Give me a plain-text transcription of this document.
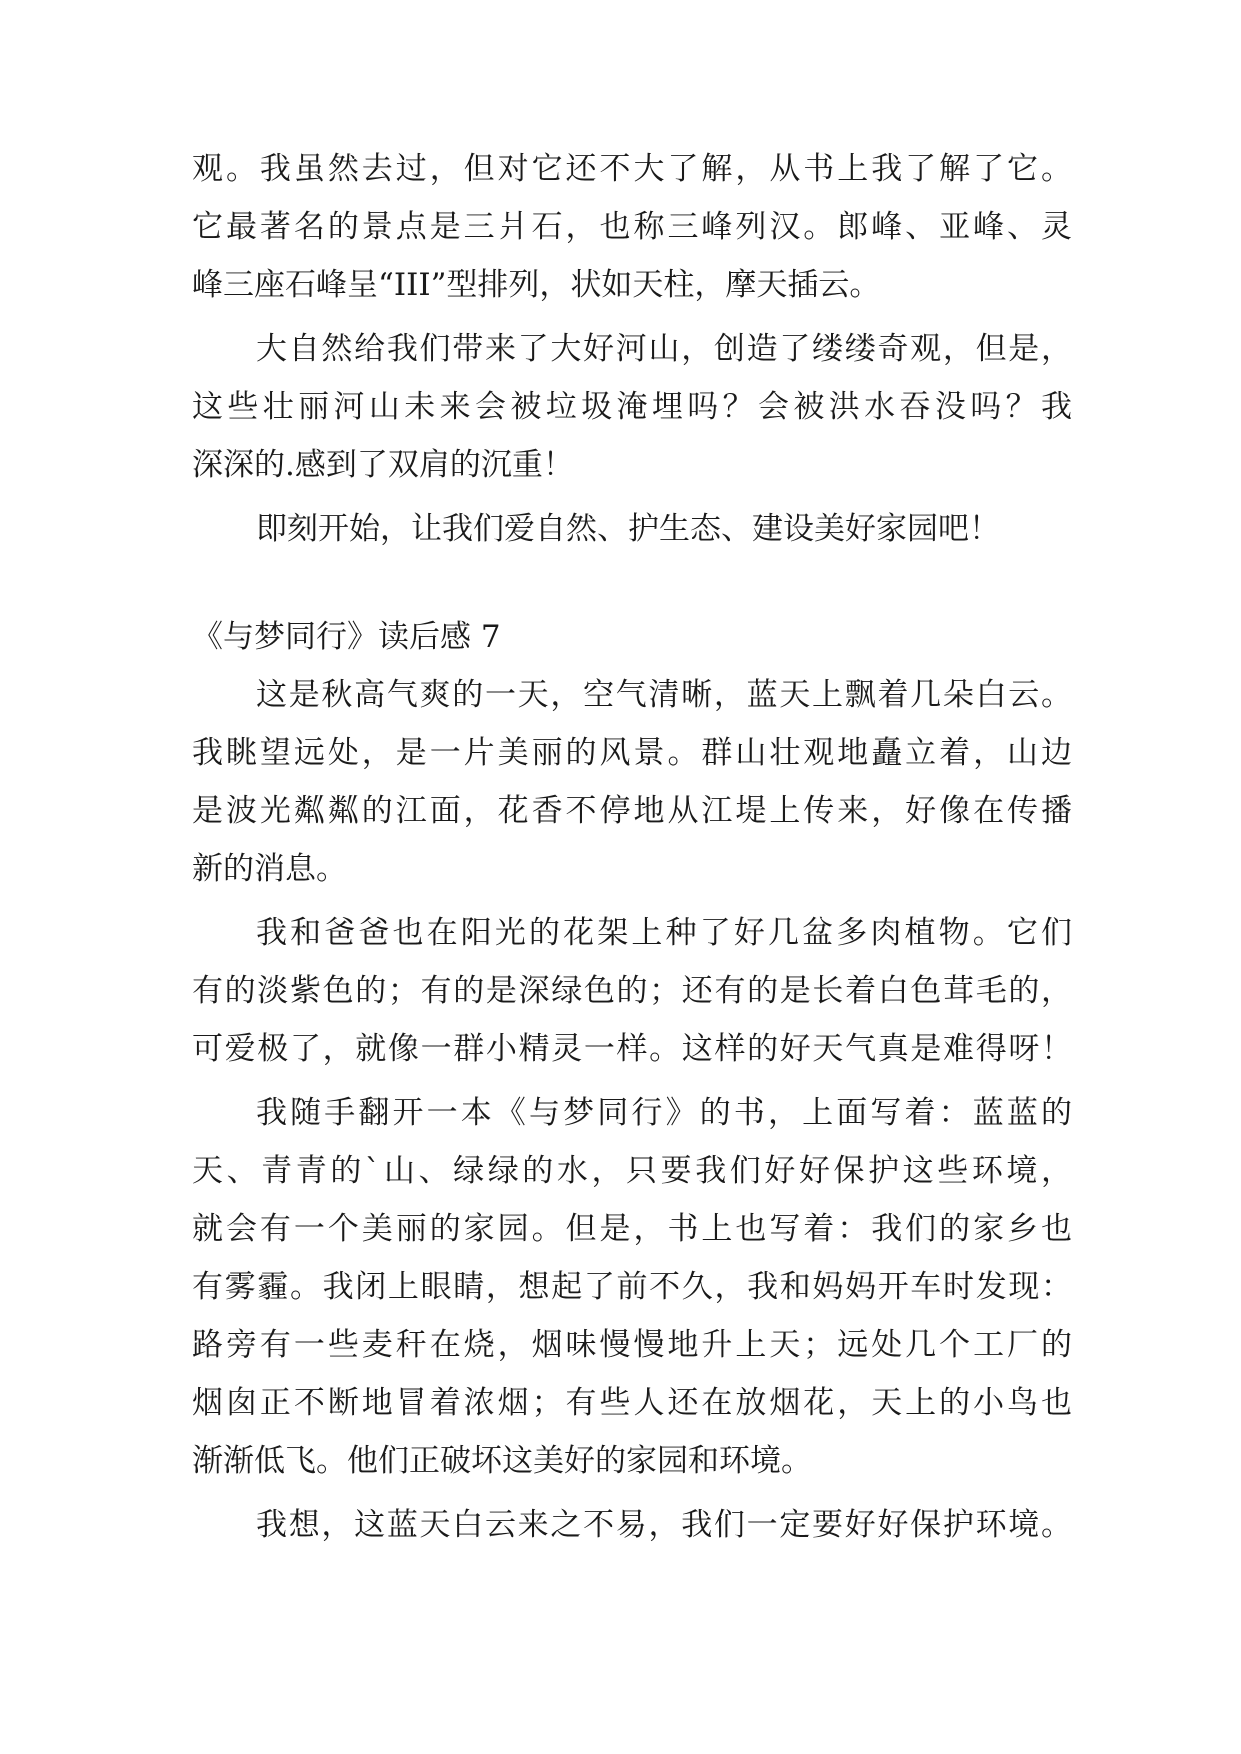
观。我虽然去过，但对它还不大了解，从书上我了解了它。
它最著名的景点是三爿石，也称三峰列汉。郎峰、亚峰、灵
峰三座石峰呈“III”型排列，状如天柱，摩天插云。
大自然给我们带来了大好河山，创造了缕缕奇观，但是，
这些壮丽河山未来会被垃圾淹埋吗？会被洪水吞没吗？我
深深的.感到了双肩的沉重！
即刻开始，让我们爱自然、护生态、建设美好家园吧！
《与梦同行》读后感 7
这是秋高气爽的一天，空气清晰，蓝天上飘着几朵白云。
我眺望远处，是一片美丽的风景。群山壮观地矗立着，山边
是波光粼粼的江面，花香不停地从江堤上传来，好像在传播
新的消息。
我和爸爸也在阳光的花架上种了好几盆多肉植物。它们
有的淡紫色的；有的是深绿色的；还有的是长着白色茸毛的，
可爱极了，就像一群小精灵一样。这样的好天气真是难得呀！
我随手翻开一本《与梦同行》的书，上面写着：蓝蓝的
天、青青的`山、绿绿的水，只要我们好好保护这些环境，
就会有一个美丽的家园。但是，书上也写着：我们的家乡也
有雾霾。我闭上眼睛，想起了前不久，我和妈妈开车时发现：
路旁有一些麦秆在烧，烟味慢慢地升上天；远处几个工厂的
烟囱正不断地冒着浓烟；有些人还在放烟花，天上的小鸟也
渐渐低飞。他们正破坏这美好的家园和环境。
我想，这蓝天白云来之不易，我们一定要好好保护环境。
